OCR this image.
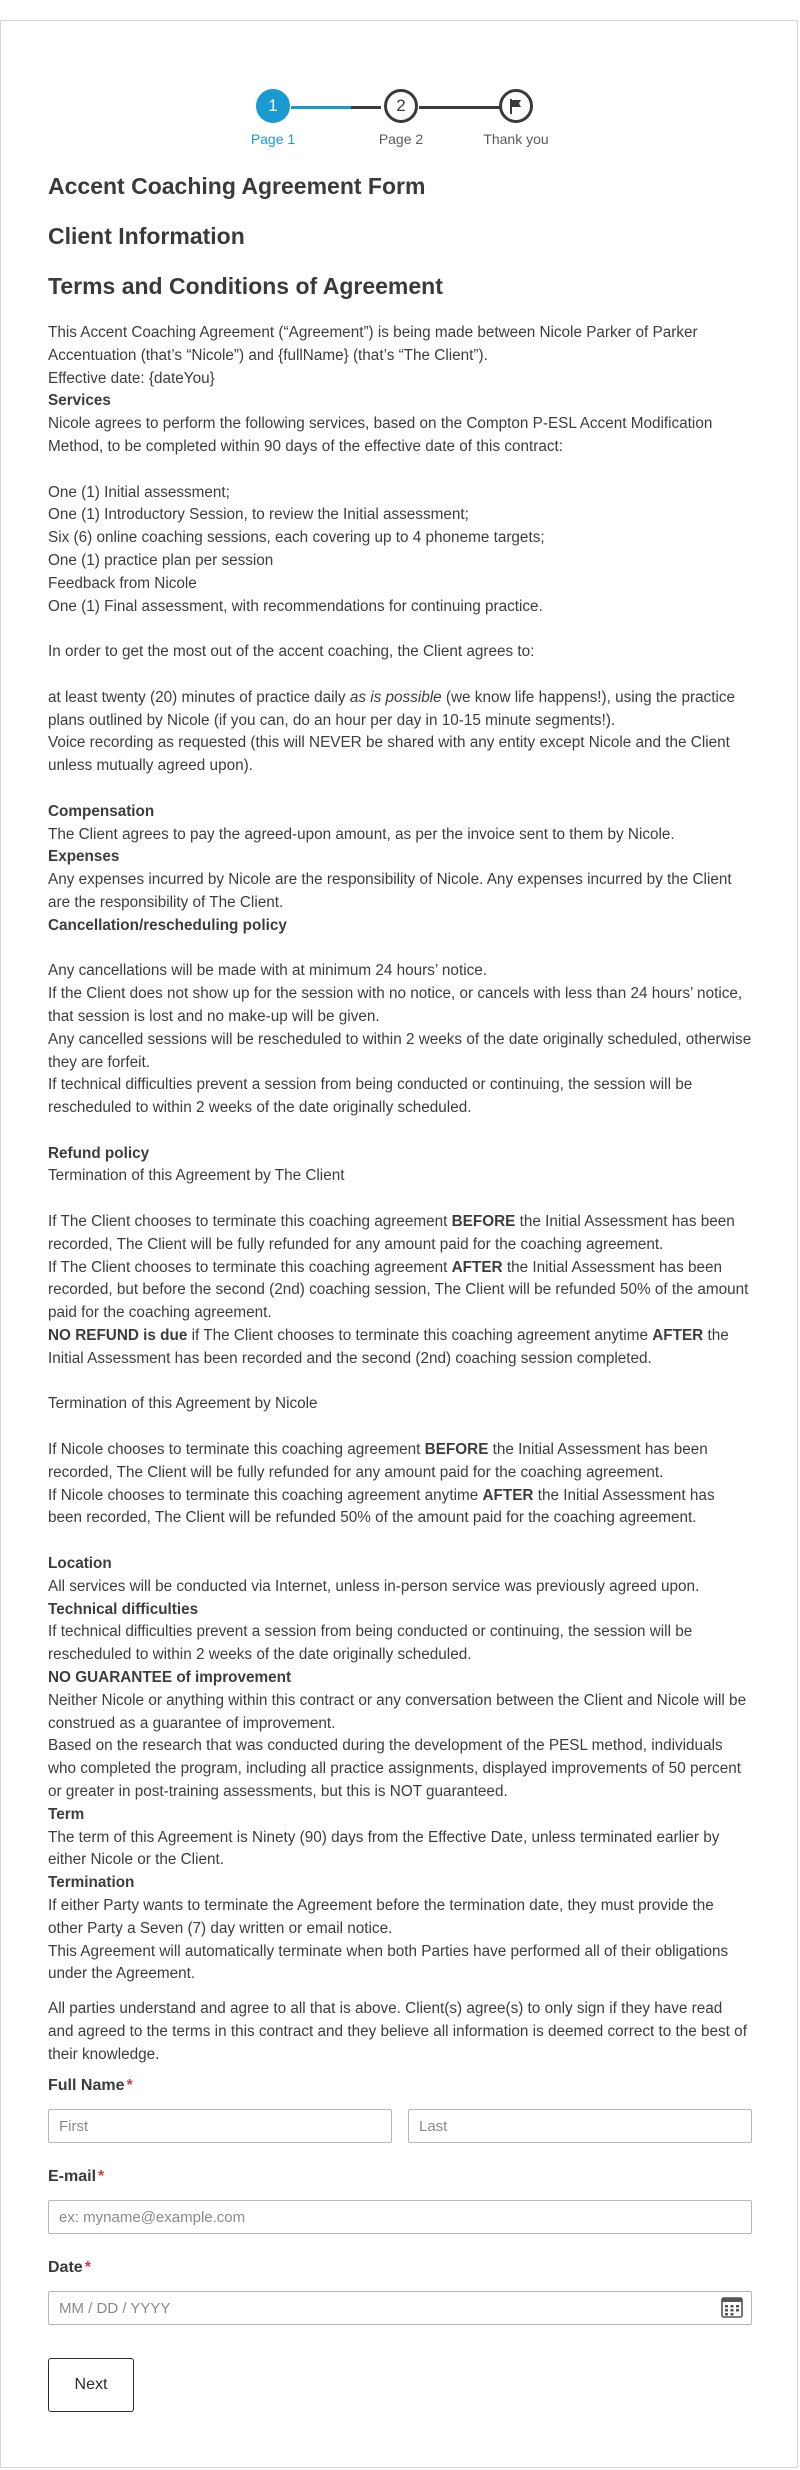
1
Page 1
2
Page 2	Thank you
Accent Coaching Agreement Form
Client Information
Terms and Conditions of Agreement

This Accent Coaching Agreement (“Agreement”) is being made between Nicole Parker of Parker Accentuation (that’s “Nicole”) and {fullName} (that’s “The Client”).

Effective date: {dateYou}

Services

Nicole agrees to perform the following services, based on the Compton P-ESL Accent Modification Method, to be completed within 90 days of the effective date of this contract:

One (1) Initial assessment;

One (1) Introductory Session, to review the Initial assessment;

Six (6) online coaching sessions, each covering up to 4 phoneme targets;

One (1) practice plan per session

Feedback from Nicole

One (1) Final assessment, with recommendations for continuing practice.

In order to get the most out of the accent coaching, the Client agrees to:

at least twenty (20) minutes of practice daily as is possible (we know life happens!), using the practice plans outlined by Nicole (if you can, do an hour per day in 10-15 minute segments!).

Voice recording as requested (this will NEVER be shared with any entity except Nicole and the Client unless mutually agreed upon).

Compensation

The Client agrees to pay the agreed-upon amount, as per the invoice sent to them by Nicole.

Expenses

Any expenses incurred by Nicole are the responsibility of Nicole. Any expenses incurred by the Client are the responsibility of The Client.

Cancellation/rescheduling policy

Any cancellations will be made with at minimum 24 hours’ notice.

If the Client does not show up for the session with no notice, or cancels with less than 24 hours’ notice, that session is lost and no make-up will be given.

Any cancelled sessions will be rescheduled to within 2 weeks of the date originally scheduled, otherwise they are forfeit.

If technical difficulties prevent a session from being conducted or continuing, the session will be rescheduled to within 2 weeks of the date originally scheduled.

Refund policy

Termination of this Agreement by The Client

If The Client chooses to terminate this coaching agreement BEFORE the Initial Assessment has been recorded, The Client will be fully refunded for any amount paid for the coaching agreement.

If The Client chooses to terminate this coaching agreement AFTER the Initial Assessment has been recorded, but before the second (2nd) coaching session, The Client will be refunded 50% of the amount paid for the coaching agreement.

NO REFUND is due if The Client chooses to terminate this coaching agreement anytime AFTER the Initial Assessment has been recorded and the second (2nd) coaching session completed.

Termination of this Agreement by Nicole

If Nicole chooses to terminate this coaching agreement BEFORE the Initial Assessment has been recorded, The Client will be fully refunded for any amount paid for the coaching agreement.

If Nicole chooses to terminate this coaching agreement anytime AFTER the Initial Assessment has been recorded, The Client will be refunded 50% of the amount paid for the coaching agreement.

Location

All services will be conducted via Internet, unless in-person service was previously agreed upon.

Technical difficulties

If technical difficulties prevent a session from being conducted or continuing, the session will be rescheduled to within 2 weeks of the date originally scheduled.

NO GUARANTEE of improvement

Neither Nicole or anything within this contract or any conversation between the Client and Nicole will be construed as a guarantee of improvement.

Based on the research that was conducted during the development of the PESL method, individuals who completed the program, including all practice assignments, displayed improvements of 50 percent or greater in post-training assessments, but this is NOT guaranteed.

Term

The term of this Agreement is Ninety (90) days from the Effective Date, unless terminated earlier by either Nicole or the Client.

Termination

If either Party wants to terminate the Agreement before the termination date, they must provide the other Party a Seven (7) day written or email notice.

This Agreement will automatically terminate when both Parties have performed all of their obligations under the Agreement.

All parties understand and agree to all that is above. Client(s) agree(s) to only sign if they have read and agreed to the terms in this contract and they believe all information is deemed correct to the best of their knowledge.

Full Name *
First
Last
E-mail *
ex: myname@example.com
Date *
MM / DD / YYYY
Next
